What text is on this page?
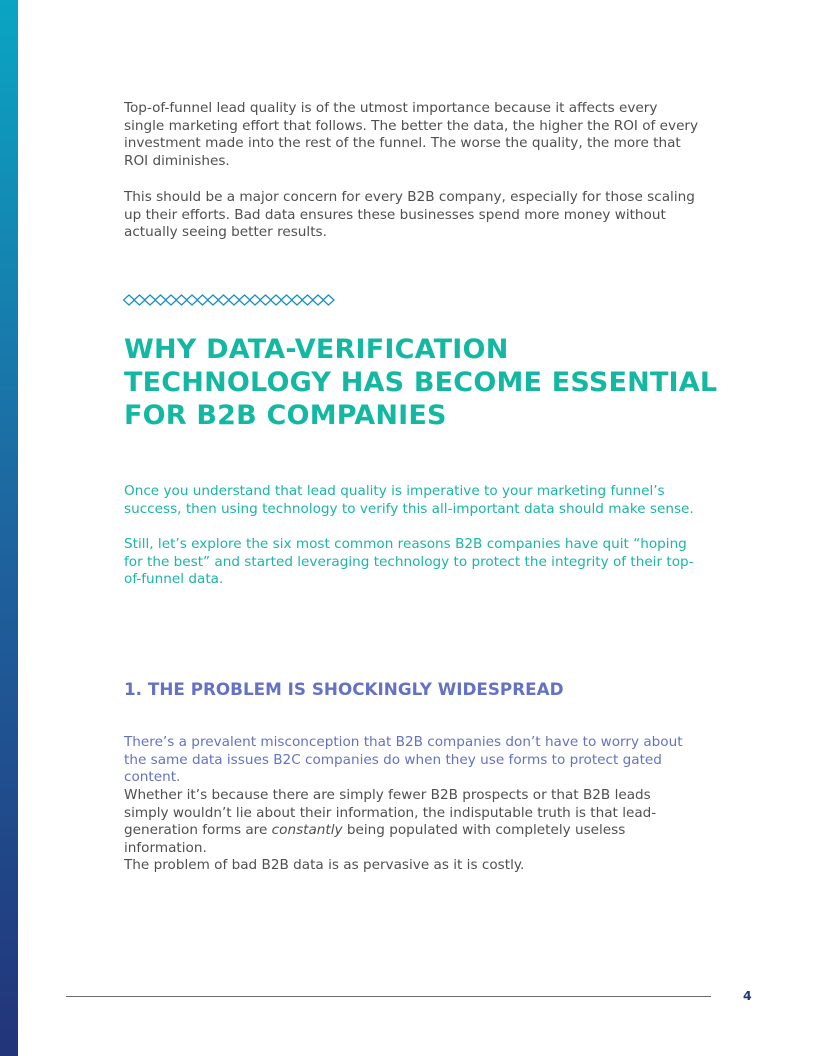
Top-of-funnel lead quality is of the utmost importance because it affects every single marketing effort that follows. The better the data, the higher the ROI of every investment made into the rest of the funnel. The worse the quality, the more that ROI diminishes.

This should be a major concern for every B2B company, especially for those scaling up their efforts. Bad data ensures these businesses spend more money without actually seeing better results.

WHY DATA-VERIFICATION TECHNOLOGY HAS BECOME ESSENTIAL FOR B2B COMPANIES

Once you understand that lead quality is imperative to your marketing funnel’s success, then using technology to verify this all-important data should make sense.

Still, let’s explore the six most common reasons B2B companies have quit “hoping for the best” and started leveraging technology to protect the integrity of their top-of-funnel data.

1. THE PROBLEM IS SHOCKINGLY WIDESPREAD

There’s a prevalent misconception that B2B companies don’t have to worry about the same data issues B2C companies do when they use forms to protect gated content.

Whether it’s because there are simply fewer B2B prospects or that B2B leads simply wouldn’t lie about their information, the indisputable truth is that lead-generation forms are constantly being populated with completely useless information.

The problem of bad B2B data is as pervasive as it is costly.

4
